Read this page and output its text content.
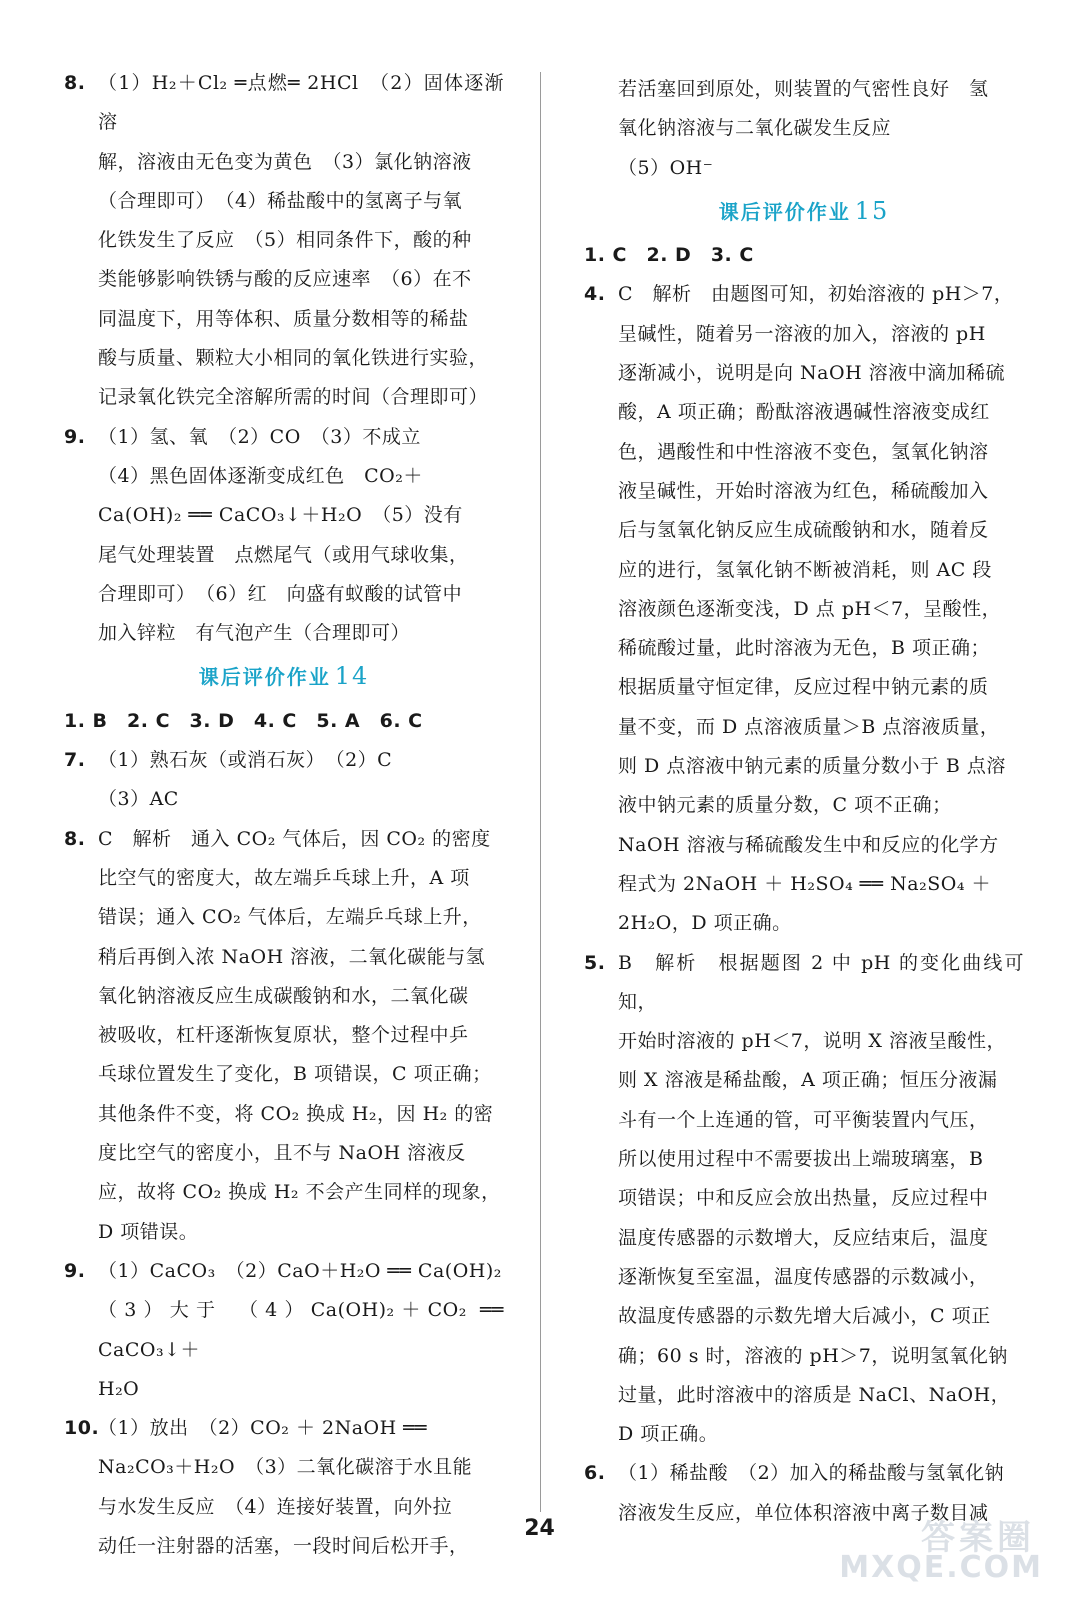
8. （1）H₂＋Cl₂ ═点燃═ 2HCl　（2）固体逐渐溶
解，溶液由无色变为黄色　（3）氯化钠溶液
（合理即可）　（4）稀盐酸中的氢离子与氧
化铁发生了反应　（5）相同条件下，酸的种
类能够影响铁锈与酸的反应速率　（6）在不
同温度下，用等体积、质量分数相等的稀盐
酸与质量、颗粒大小相同的氧化铁进行实验，
记录氧化铁完全溶解所需的时间（合理即可）
9. （1）氢、氧　（2）CO　（3）不成立
（4）黑色固体逐渐变成红色　CO₂＋
Ca(OH)₂ ══ CaCO₃↓＋H₂O　（5）没有
尾气处理装置　点燃尾气（或用气球收集，
合理即可）　（6）红　向盛有蚁酸的试管中
加入锌粒　有气泡产生（合理即可）
课后评价作业 14
1. B　2. C　3. D　4. C　5. A　6. C
7. （1）熟石灰（或消石灰）　（2）C
（3）AC
8. C　解析　通入 CO₂ 气体后，因 CO₂ 的密度
比空气的密度大，故左端乒乓球上升，A 项
错误；通入 CO₂ 气体后，左端乒乓球上升，
稍后再倒入浓 NaOH 溶液，二氧化碳能与氢
氧化钠溶液反应生成碳酸钠和水，二氧化碳
被吸收，杠杆逐渐恢复原状，整个过程中乒
乓球位置发生了变化，B 项错误，C 项正确；
其他条件不变，将 CO₂ 换成 H₂，因 H₂ 的密
度比空气的密度小，且不与 NaOH 溶液反
应，故将 CO₂ 换成 H₂ 不会产生同样的现象，
D 项错误。
9. （1）CaCO₃　（2）CaO＋H₂O ══ Ca(OH)₂
（3）大于　（4）Ca(OH)₂＋CO₂ ══ CaCO₃↓＋
H₂O
10.
（1）放出　（2）CO₂ ＋ 2NaOH ══
Na₂CO₃＋H₂O　（3）二氧化碳溶于水且能
与水发生反应　（4）连接好装置，向外拉
动任一注射器的活塞，一段时间后松开手，
若活塞回到原处，则装置的气密性良好　氢
氧化钠溶液与二氧化碳发生反应
（5）OH⁻
课后评价作业 15
1. C　2. D　3. C
4. C　解析　由题图可知，初始溶液的 pH＞7，
呈碱性，随着另一溶液的加入，溶液的 pH
逐渐减小，说明是向 NaOH 溶液中滴加稀硫
酸，A 项正确；酚酞溶液遇碱性溶液变成红
色，遇酸性和中性溶液不变色，氢氧化钠溶
液呈碱性，开始时溶液为红色，稀硫酸加入
后与氢氧化钠反应生成硫酸钠和水，随着反
应的进行，氢氧化钠不断被消耗，则 AC 段
溶液颜色逐渐变浅，D 点 pH＜7，呈酸性，
稀硫酸过量，此时溶液为无色，B 项正确；
根据质量守恒定律，反应过程中钠元素的质
量不变，而 D 点溶液质量＞B 点溶液质量，
则 D 点溶液中钠元素的质量分数小于 B 点溶
液中钠元素的质量分数，C 项不正确；
NaOH 溶液与稀硫酸发生中和反应的化学方
程式为 2NaOH ＋ H₂SO₄ ══ Na₂SO₄ ＋
2H₂O，D 项正确。
5. B　解析　根据题图 2 中 pH 的变化曲线可知，
开始时溶液的 pH＜7，说明 X 溶液呈酸性，
则 X 溶液是稀盐酸，A 项正确；恒压分液漏
斗有一个上连通的管，可平衡装置内气压，
所以使用过程中不需要拔出上端玻璃塞，B
项错误；中和反应会放出热量，反应过程中
温度传感器的示数增大，反应结束后，温度
逐渐恢复至室温，温度传感器的示数减小，
故温度传感器的示数先增大后减小，C 项正
确；60 s 时，溶液的 pH＞7，说明氢氧化钠
过量，此时溶液中的溶质是 NaCl、NaOH，
D 项正确。
6. （1）稀盐酸　（2）加入的稀盐酸与氢氧化钠
溶液发生反应，单位体积溶液中离子数目减
24	答案圈
MXQE.COM
